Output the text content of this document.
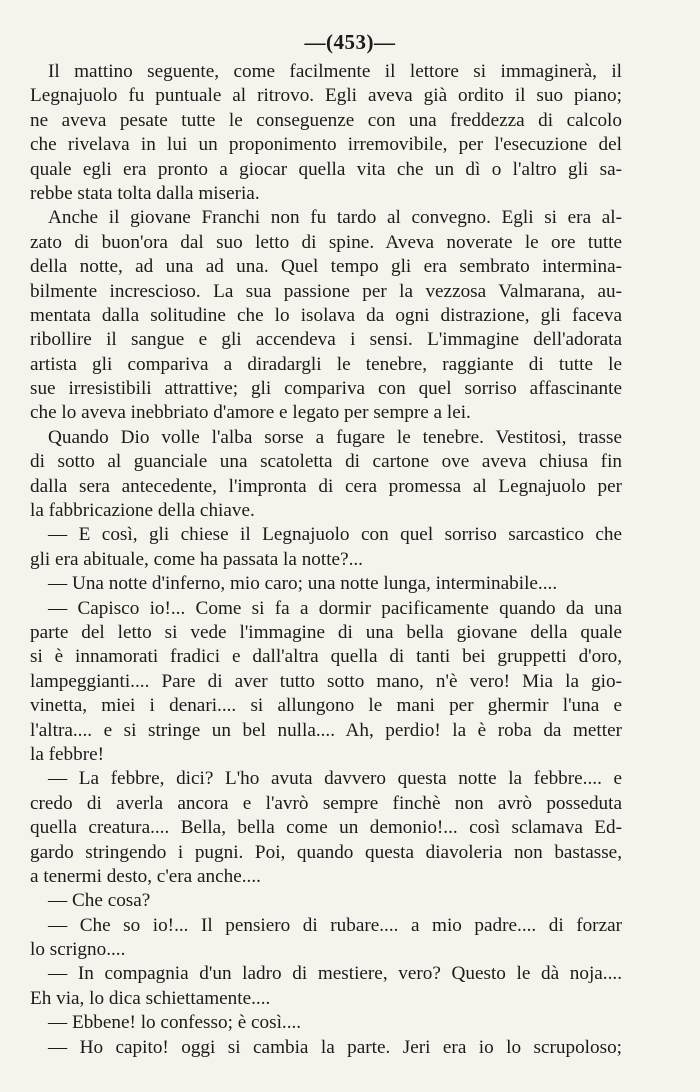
—(453)—
Il mattino seguente, come facilmente il lettore si immaginerà, il
Legnajuolo fu puntuale al ritrovo. Egli aveva già ordito il suo piano;
ne aveva pesate tutte le conseguenze con una freddezza di calcolo
che rivelava in lui un proponimento irremovibile, per l'esecuzione del
quale egli era pronto a giocar quella vita che un dì o l'altro gli sa-
rebbe stata tolta dalla miseria.
Anche il giovane Franchi non fu tardo al convegno. Egli si era al-
zato di buon'ora dal suo letto di spine. Aveva noverate le ore tutte
della notte, ad una ad una. Quel tempo gli era sembrato intermina-
bilmente increscioso. La sua passione per la vezzosa Valmarana, au-
mentata dalla solitudine che lo isolava da ogni distrazione, gli faceva
ribollire il sangue e gli accendeva i sensi. L'immagine dell'adorata
artista gli compariva a diradargli le tenebre, raggiante di tutte le
sue irresistibili attrattive; gli compariva con quel sorriso affascinante
che lo aveva inebbriato d'amore e legato per sempre a lei.
Quando Dio volle l'alba sorse a fugare le tenebre. Vestitosi, trasse
di sotto al guanciale una scatoletta di cartone ove aveva chiusa fin
dalla sera antecedente, l'impronta di cera promessa al Legnajuolo per
la fabbricazione della chiave.
— E così, gli chiese il Legnajuolo con quel sorriso sarcastico che
gli era abituale, come ha passata la notte?...
— Una notte d'inferno, mio caro; una notte lunga, interminabile....
— Capisco io!... Come si fa a dormir pacificamente quando da una
parte del letto si vede l'immagine di una bella giovane della quale
si è innamorati fradici e dall'altra quella di tanti bei gruppetti d'oro,
lampeggianti.... Pare di aver tutto sotto mano, n'è vero! Mia la gio-
vinetta, miei i denari.... si allungono le mani per ghermir l'una e
l'altra.... e si stringe un bel nulla.... Ah, perdio! la è roba da metter
la febbre!
— La febbre, dici? L'ho avuta davvero questa notte la febbre.... e
credo di averla ancora e l'avrò sempre finchè non avrò posseduta
quella creatura.... Bella, bella come un demonio!... così sclamava Ed-
gardo stringendo i pugni. Poi, quando questa diavoleria non bastasse,
a tenermi desto, c'era anche....
— Che cosa?
— Che so io!... Il pensiero di rubare.... a mio padre.... di forzar
lo scrigno....
— In compagnia d'un ladro di mestiere, vero? Questo le dà noja....
Eh via, lo dica schiettamente....
— Ebbene! lo confesso; è così....
— Ho capito! oggi si cambia la parte. Jeri era io lo scrupoloso;
